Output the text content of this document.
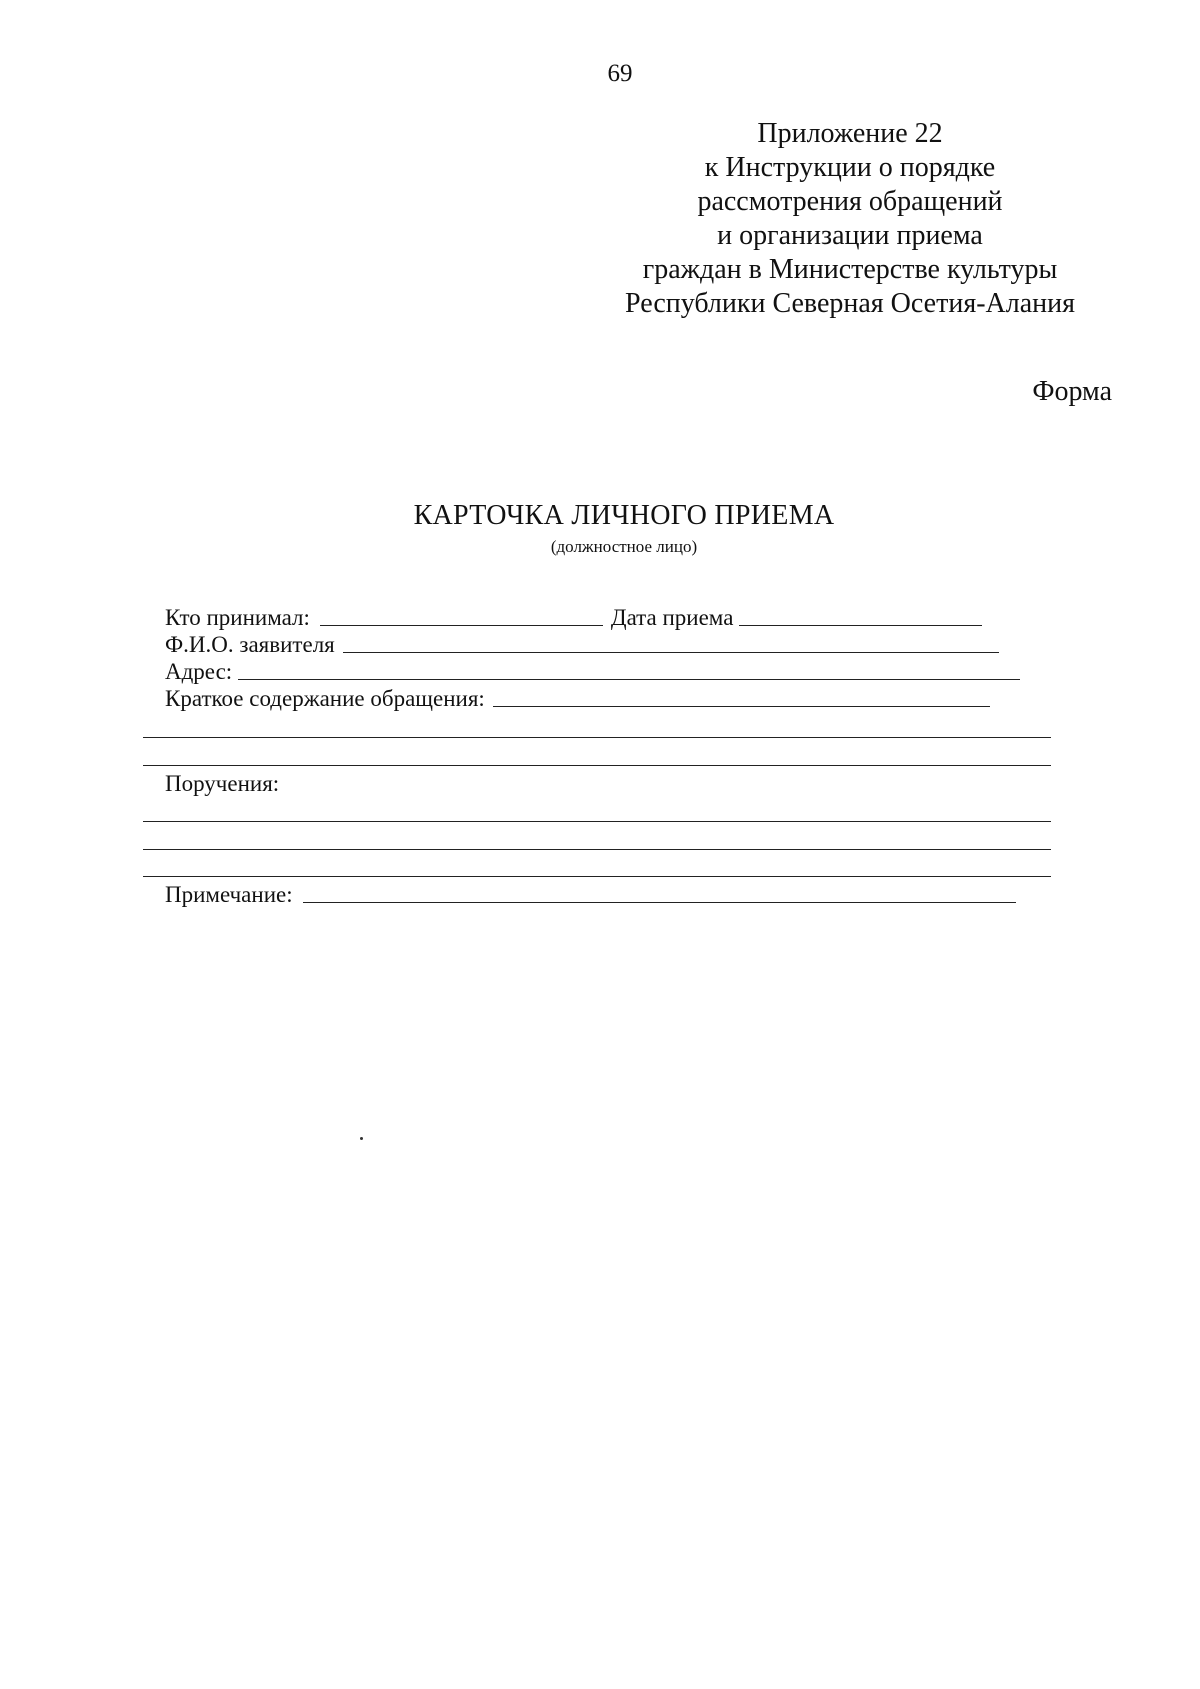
69
Приложение 22
к Инструкции о порядке
рассмотрения обращений
и организации приема
граждан в Министерстве культуры
Республики Северная Осетия-Алания
Форма
КАРТОЧКА ЛИЧНОГО ПРИЕМА
(должностное лицо)
Кто принимал:	Дата приема
Ф.И.О. заявителя
Адрес:
Краткое содержание обращения:
Поручения:
Примечание:
